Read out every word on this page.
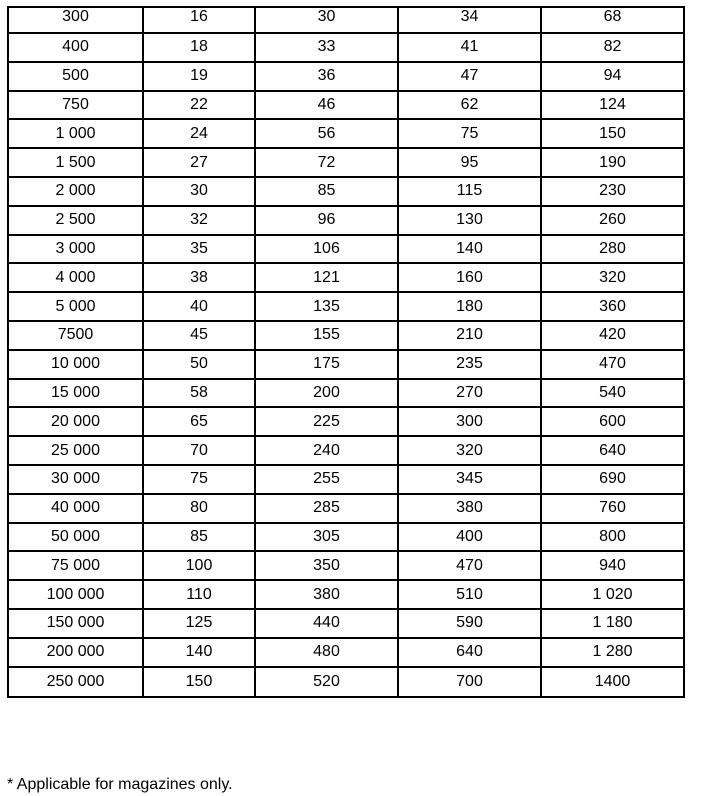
300	16	30	34	68
400	18	33	41	82
500	19	36	47	94
750	22	46	62	124
1 000	24	56	75	150
1 500	27	72	95	190
2 000	30	85	115	230
2 500	32	96	130	260
3 000	35	106	140	280
4 000	38	121	160	320
5 000	40	135	180	360
7500	45	155	210	420
10 000	50	175	235	470
15 000	58	200	270	540
20 000	65	225	300	600
25 000	70	240	320	640
30 000	75	255	345	690
40 000	80	285	380	760
50 000	85	305	400	800
75 000	100	350	470	940
100 000	110	380	510	1 020
150 000	125	440	590	1 180
200 000	140	480	640	1 280
250 000	150	520	700	1400
* Applicable for magazines only.
